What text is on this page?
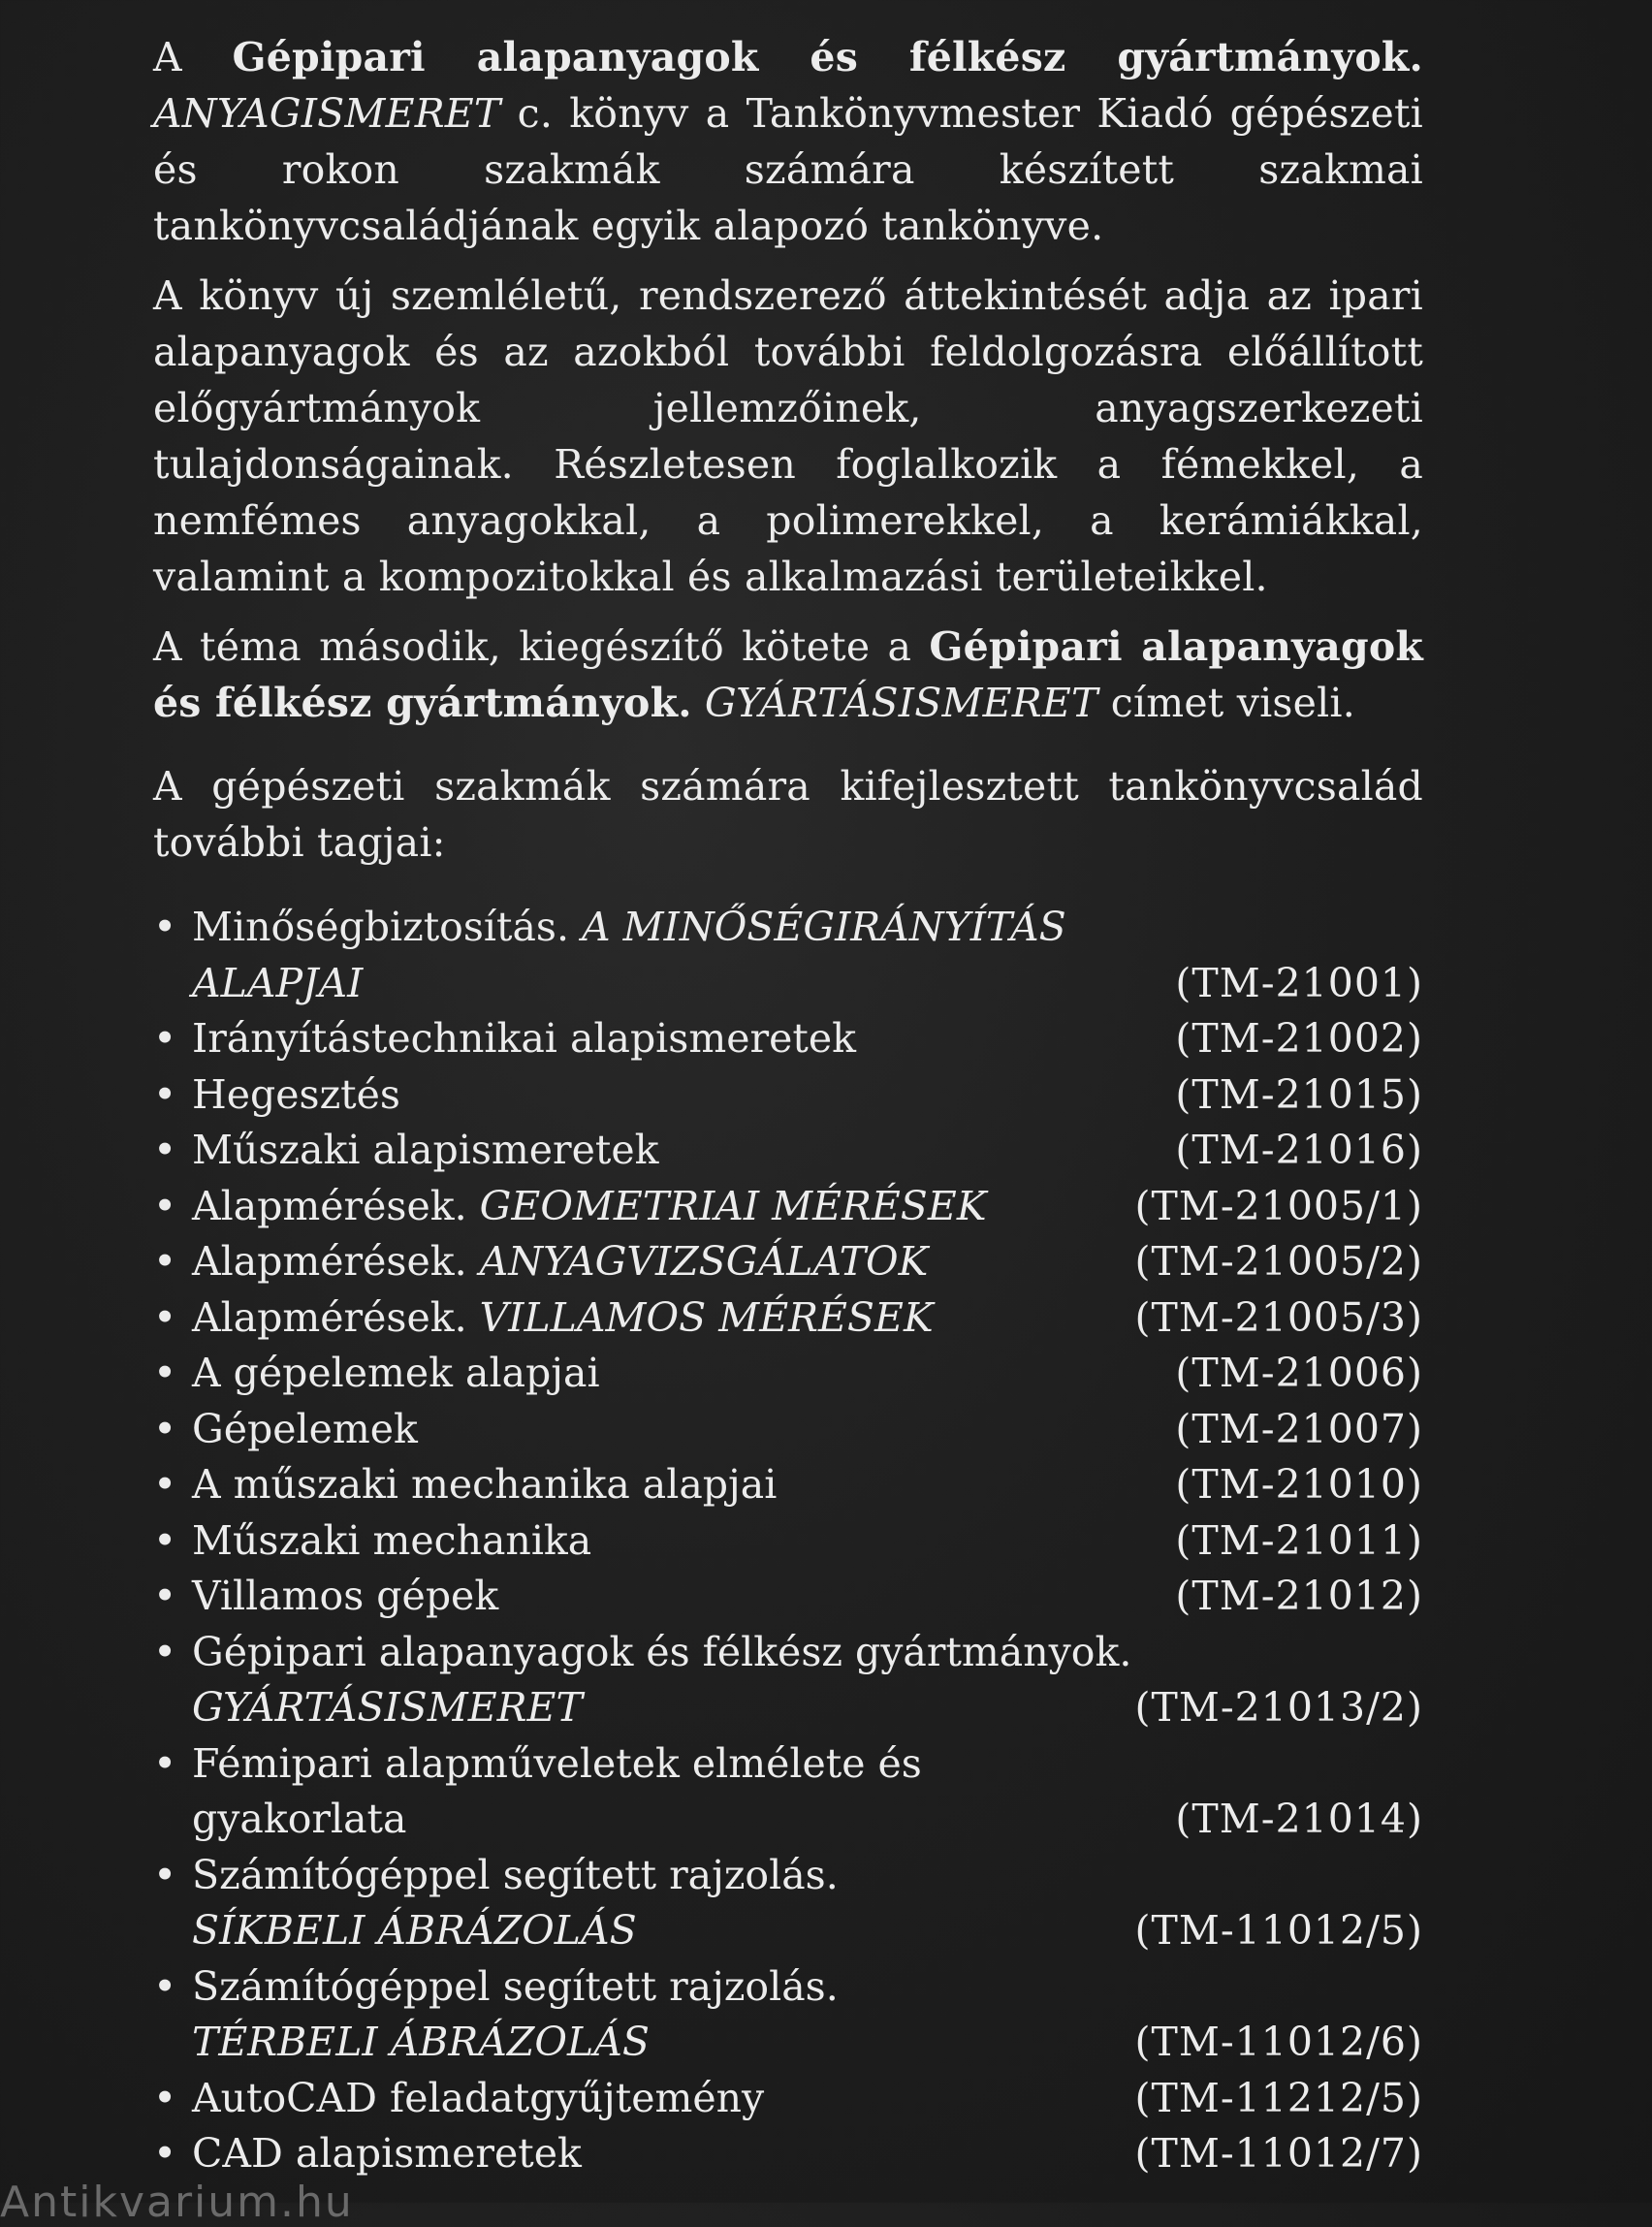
A Gépipari alapanyagok és félkész gyártmányok. ANYAGISMERET c. könyv a Tankönyvmester Kiadó gépészeti és rokon szakmák számára készített szakmai tankönyvcsaládjának egyik alapozó tankönyve.

A könyv új szemléletű, rendszerező áttekintését adja az ipari alapanyagok és az azokból további feldolgozásra előállított előgyártmányok jellemzőinek, anyagszerkezeti tulajdonságainak. Részletesen foglalkozik a fémekkel, a nemfémes anyagokkal, a polimerekkel, a kerámiákkal, valamint a kompozitokkal és alkalmazási területeikkel.

A téma második, kiegészítő kötete a Gépipari alapanyagok és félkész gyártmányok. GYÁRTÁSISMERET címet viseli.

A gépészeti szakmák számára kifejlesztett tankönyvcsalád további tagjai:

• Minőségbiztosítás. A MINŐSÉGIRÁNYÍTÁS
ALAPJAI	(TM-21001)
• Irányítástechnikai alapismeretek	(TM-21002)
• Hegesztés	(TM-21015)
• Műszaki alapismeretek	(TM-21016)
• Alapmérések. GEOMETRIAI MÉRÉSEK	(TM-21005/1)
• Alapmérések. ANYAGVIZSGÁLATOK	(TM-21005/2)
• Alapmérések. VILLAMOS MÉRÉSEK	(TM-21005/3)
• A gépelemek alapjai	(TM-21006)
• Gépelemek	(TM-21007)
• A műszaki mechanika alapjai	(TM-21010)
• Műszaki mechanika	(TM-21011)
• Villamos gépek	(TM-21012)
• Gépipari alapanyagok és félkész gyártmányok.
GYÁRTÁSISMERET	(TM-21013/2)
• Fémipari alapműveletek elmélete és
gyakorlata	(TM-21014)
• Számítógéppel segített rajzolás.
SÍKBELI ÁBRÁZOLÁS	(TM-11012/5)
• Számítógéppel segített rajzolás.
TÉRBELI ÁBRÁZOLÁS	(TM-11012/6)
• AutoCAD feladatgyűjtemény	(TM-11212/5)
• CAD alapismeretek	(TM-11012/7)
Antikvarium.hu
